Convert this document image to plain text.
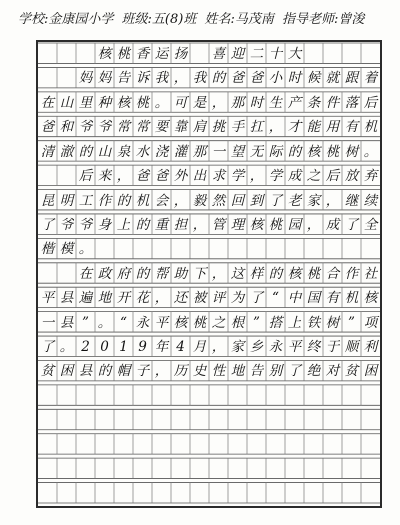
学校:金康园小学 班级:五(8)班 姓名:马茂南 指导老师:曾浚
核 桃 香 运 扬 喜 迎 二 十 大
妈 妈 告 诉 我 ， 我 的 爸 爸 小 时 候 就 跟 着
在 山 里 种 核 桃 。 可 是 ， 那 时 生 产 条 件 落 后
爸 和 爷 爷 常 常 要 靠 肩 挑 手 扛 ， 才 能 用 有 机
清 澈 的 山 泉 水 浇 灌 那 一 望 无 际 的 核 桃 树 。
后 来 ， 爸 爸 外 出 求 学 ， 学 成 之 后 放 弃
昆 明 工 作 的 机 会 ， 毅 然 回 到 了 老 家 ， 继 续
了 爷 爷 身 上 的 重 担 ， 管 理 核 桃 园 ， 成 了 全
楷 模 。
在 政 府 的 帮 助 下 ， 这 样 的 核 桃 合 作 社
平 县 遍 地 开 花 ， 还 被 评 为 了 “ 中 国 有 机 核
一 县 ” 。 “ 永 平 核 桃 之 根 ” 搭 上 铁 树 ” 项
了 。 2 0 1 9 年 4 月 ， 家 乡 永 平 终 于 顺 利
贫 困 县 的 帽 子 ， 历 史 性 地 告 别 了 绝 对 贫 困
